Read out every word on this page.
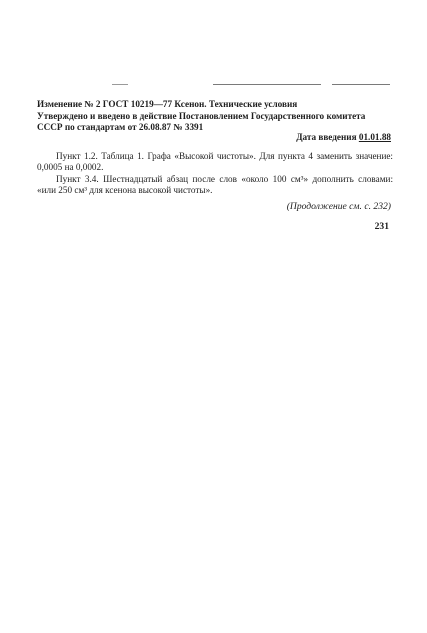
Изменение № 2 ГОСТ 10219—77 Ксенон. Технические условия
Утверждено и введено в действие Постановлением Государственного комитета
СССР по стандартам от 26.08.87 № 3391
Дата введения 01.01.88
Пункт 1.2. Таблица 1. Графа «Высокой чистоты». Для пункта 4 заменить значение: 0,0005 на 0,0002.
Пункт 3.4. Шестнадцатый абзац после слов «около 100 см³» дополнить словами: «или 250 см³ для ксенона высокой чистоты».
(Продолжение см. с. 232)
231
